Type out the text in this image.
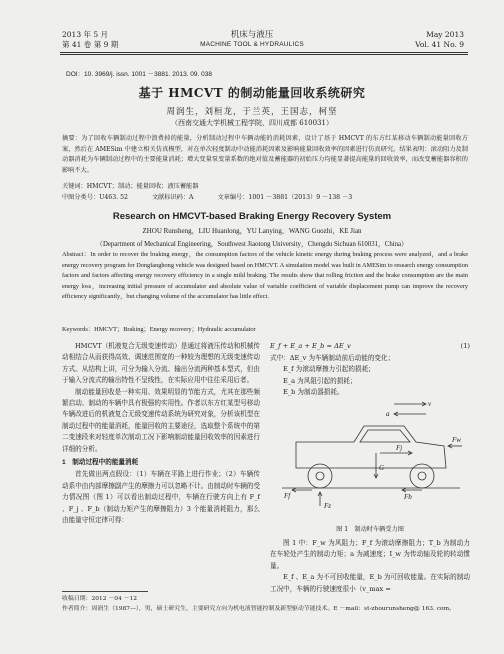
2013 年 5 月
第 41 卷 第 9 期
机床与液压
MACHINE TOOL & HYDRAULICS
May 2013
Vol. 41 No. 9
DOI：10. 3969/j. issn. 1001 －3881. 2013. 09. 038
基于 HMCVT 的制动能量回收系统研究
周润生，刘桓龙，于兰英，王国志，柯坚
（西南交通大学机械工程学院，四川成都 610031）
摘要：为了回收车辆制动过程中浪费掉的能量，分析制动过程中车辆动能的消耗因素，设计了基于 HMCVT 的东方红某移动车辆制动能量回收方案，然后在 AMESim 中建立相关仿真模型，对在单次轻度制动中动能消耗因素及影响能量回收效率的因素进行仿真研究。结果表明：滚动阻力及制动器消耗为车辆制动过程中的主要能量消耗；增大变量泵变量系数的绝对值及蓄能器的初始压力均能显著提高能量的回收效率，而改变蓄能器容积的影响不大。
关键词：HMCVT；制动；能量回收；液压蓄能器
中图分类号：U463. 52	文献标识码：A	文章编号：1001 －3881（2013）9 －138 －3
Research on HMCVT-based Braking Energy Recovery System
ZHOU Runsheng，LIU Huanlong，YU Lanying，WANG Guozhi，KE Jian
（Department of Mechanical Engineering，Southwest Jiaotong University，Chengdu Sichuan 610031，China）
Abstract：In order to recover the braking energy，the consumption factors of the vehicle kinetic energy during braking process were analyzed，and a brake energy recovery program for Dongfanghong vehicle was designed based on HMCVT. A simulation model was built in AMESim to research energy consumption factors and factors affecting energy recovery efficiency in a single mild braking. The results show that rolling friction and the brake consumption are the main energy loss，increasing initial pressure of accumulator and absolute value of variable coefficient of variable displacement pump can improve the recovery efficiency significantly，but changing volume of the accumulator has little effect.
Keywords：HMCVT；Braking；Energy recovery；Hydraulic accumulator

HMCVT（机液复合无级变速传动）是通过将液压传动和机械传动相结合从而获得高效、调速范围宽的一种较为理想的无级变速传动方式。从结构上讲，可分为输入分流、输出分流两种基本型式，但由于输入分流式的输出特性不呈线性，在实际应用中往往采用后者。

制动能量回收是一种实用、效果明显的节能方式，尤其在那些频繁启动、制动的车辆中具有极强的实用性。作者以东方红某型号移动车辆改进后的机液复合无级变速传动系统为研究对象，分析该机型在制动过程中的能量消耗，能量回收的主要途径，选取整个系统中的第二变速段来对轻度单次制动工况下影响制动能量回收效率的因素进行详细的分析。

1　制动过程中的能量消耗

首先做出两点假设：（1）车辆在平路上进行作业；（2）车辆传动系中由内部摩擦副产生的摩擦力可以忽略不计。由制动时车辆的受力情况图（图 1）可以看出制动过程中，车辆在行驶方向上有 F_f 、F_j 、F_b（制动力矩产生的摩擦阻力）3 个能量消耗阻力，那么由能量守恒定律可得：

E_f + E_a + E_b = ΔE_v	(1)

式中：ΔE_v 为车辆制动前后动能的变化；

E_f 为滚动摩擦力引起的损耗；

E_a 为风阻引起的损耗；

E_b 为制动器损耗。

v
a
G
Fj
Fw
Ff	Fb
Fz
图 1　制动时车辆受力图

图 1 中：F_w 为风阻力；F_f 为滚动摩擦阻力；T_b 为制动力在车轮处产生的制动力矩；a 为减速度；I_w 为传动轴及轮的转动惯量。

E_f 、E_a 为不可回收能量，E_b 为可回收能量。在实际的制动工况中，车辆的行驶速度很小（v_max =

收稿日期：2012 －04 －12
作者简介：周润生（1987—），男，硕士研究生，主要研究方向为机电液智能控制及新型驱动节能技术。E －mail：st-zhourunsheng@ 163. com。
